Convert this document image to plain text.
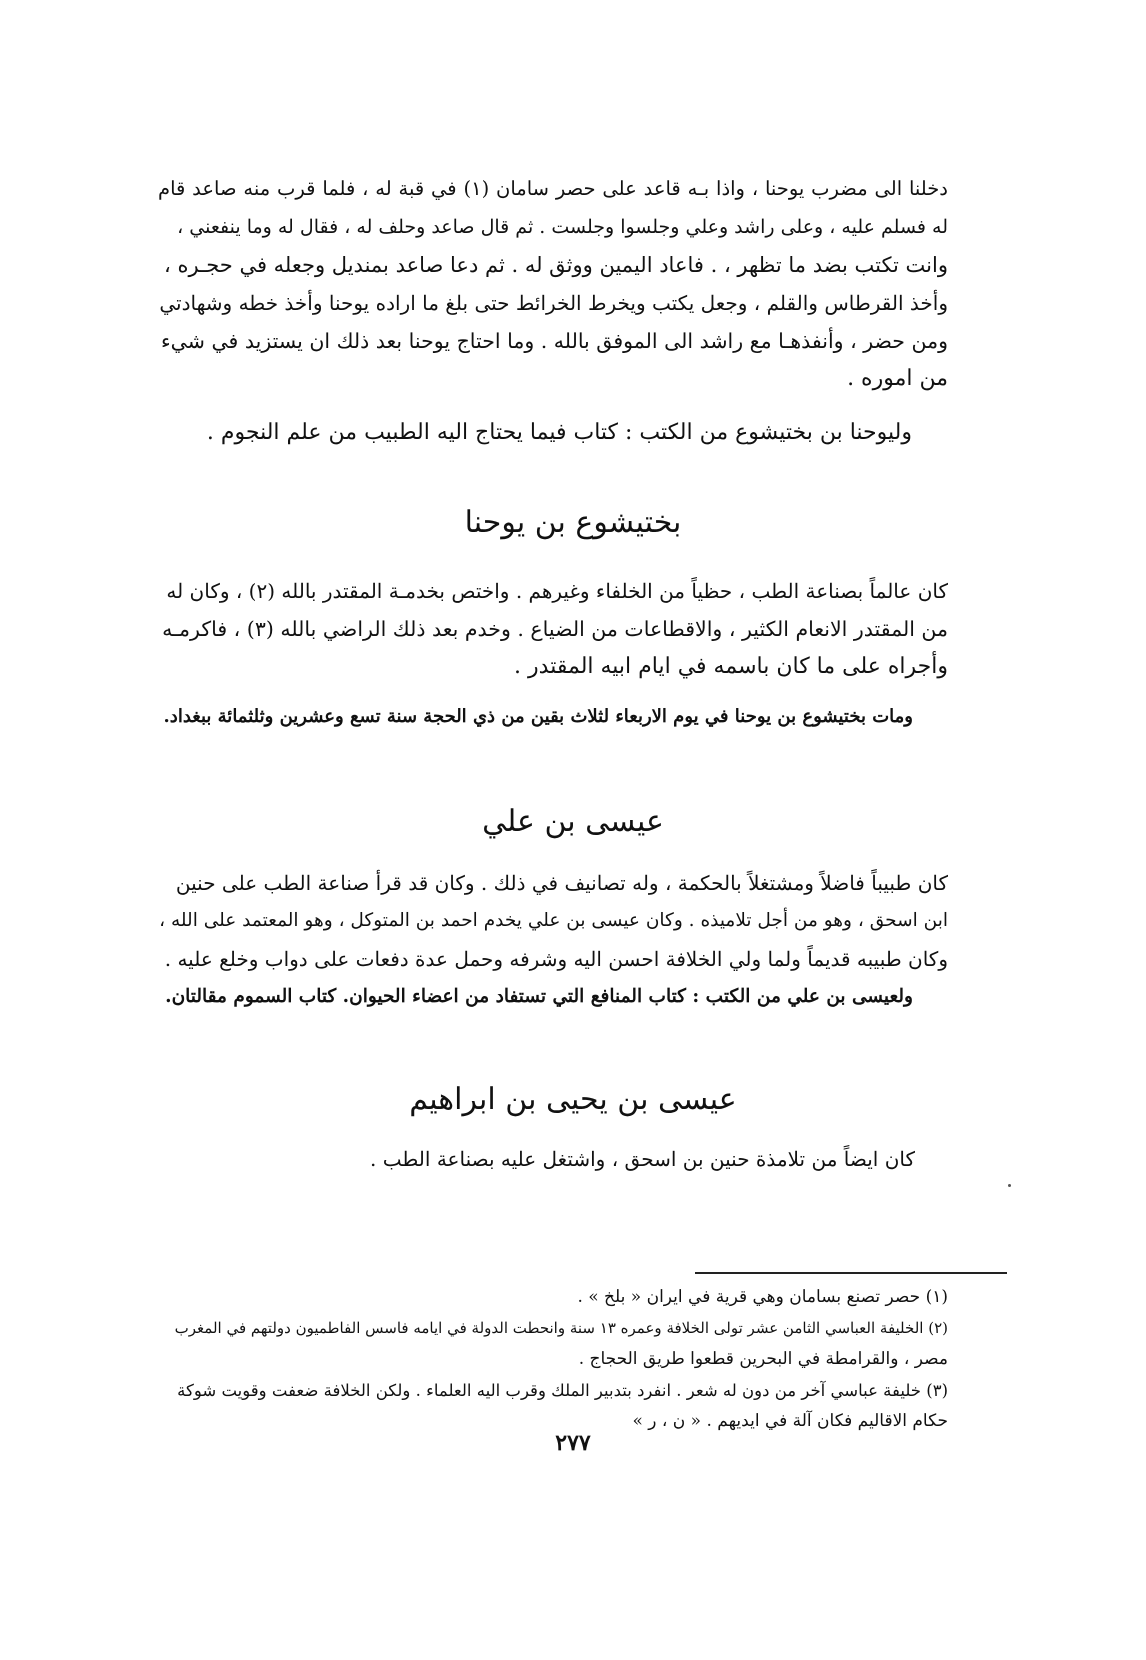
دخلنا الى مضرب يوحنا ، واذا بـه قاعد على حصر سامان (١) في قبة له ، فلما قرب منه صاعد قام
له فسلم عليه ، وعلى راشد وعلي وجلسوا وجلست . ثم قال صاعد وحلف له ، فقال له وما ينفعني ،
وانت تكتب بضد ما تظهر ، . فاعاد اليمين ووثق له . ثم دعا صاعد بمنديل وجعله في حجـره ،
وأخذ القرطاس والقلم ، وجعل يكتب ويخرط الخرائط حتى بلغ ما اراده يوحنا وأخذ خطه وشهادتي
ومن حضر ، وأنفذهـا مع راشد الى الموفق بالله . وما احتاج يوحنا بعد ذلك ان يستزيد في شيء
من اموره .
وليوحنا بن بختيشوع من الكتب : كتاب فيما يحتاج اليه الطبيب من علم النجوم .
بختيشوع بن يوحنا
كان عالماً بصناعة الطب ، حظياً من الخلفاء وغيرهم . واختص بخدمـة المقتدر بالله (٢) ، وكان له
من المقتدر الانعام الكثير ، والاقطاعات من الضياع . وخدم بعد ذلك الراضي بالله (٣) ، فاكرمـه
وأجراه على ما كان باسمه في ايام ابيه المقتدر .
ومات بختيشوع بن يوحنا في يوم الاربعاء لثلاث بقين من ذي الحجة سنة تسع وعشرين وثلثمائة ببغداد.
عيسى بن علي
كان طبيباً فاضلاً ومشتغلاً بالحكمة ، وله تصانيف في ذلك . وكان قد قرأ صناعة الطب على حنين
ابن اسحق ، وهو من أجل تلاميذه . وكان عيسى بن علي يخدم احمد بن المتوكل ، وهو المعتمد على الله ،
وكان طبيبه قديماً ولما ولي الخلافة احسن اليه وشرفه وحمل عدة دفعات على دواب وخلع عليه .
ولعيسى بن علي من الكتب : كتاب المنافع التي تستفاد من اعضاء الحيوان. كتاب السموم مقالتان.
عيسى بن يحيى بن ابراهيم
كان ايضاً من تلامذة حنين بن اسحق ، واشتغل عليه بصناعة الطب .

(١) حصر تصنع بسامان وهي قرية في ايران « بلخ » .

(٢) الخليفة العباسي الثامن عشر تولى الخلافة وعمره ١٣ سنة وانحطت الدولة في ايامه فاسس الفاطميون دولتهم في المغرب

مصر ، والقرامطة في البحرين قطعوا طريق الحجاج .

(٣) خليفة عباسي آخر من دون له شعر . انفرد بتدبير الملك وقرب اليه العلماء . ولكن الخلافة ضعفت وقويت شوكة

حكام الاقاليم فكان آلة في ايديهم . « ن ، ر »

٢٧٧
